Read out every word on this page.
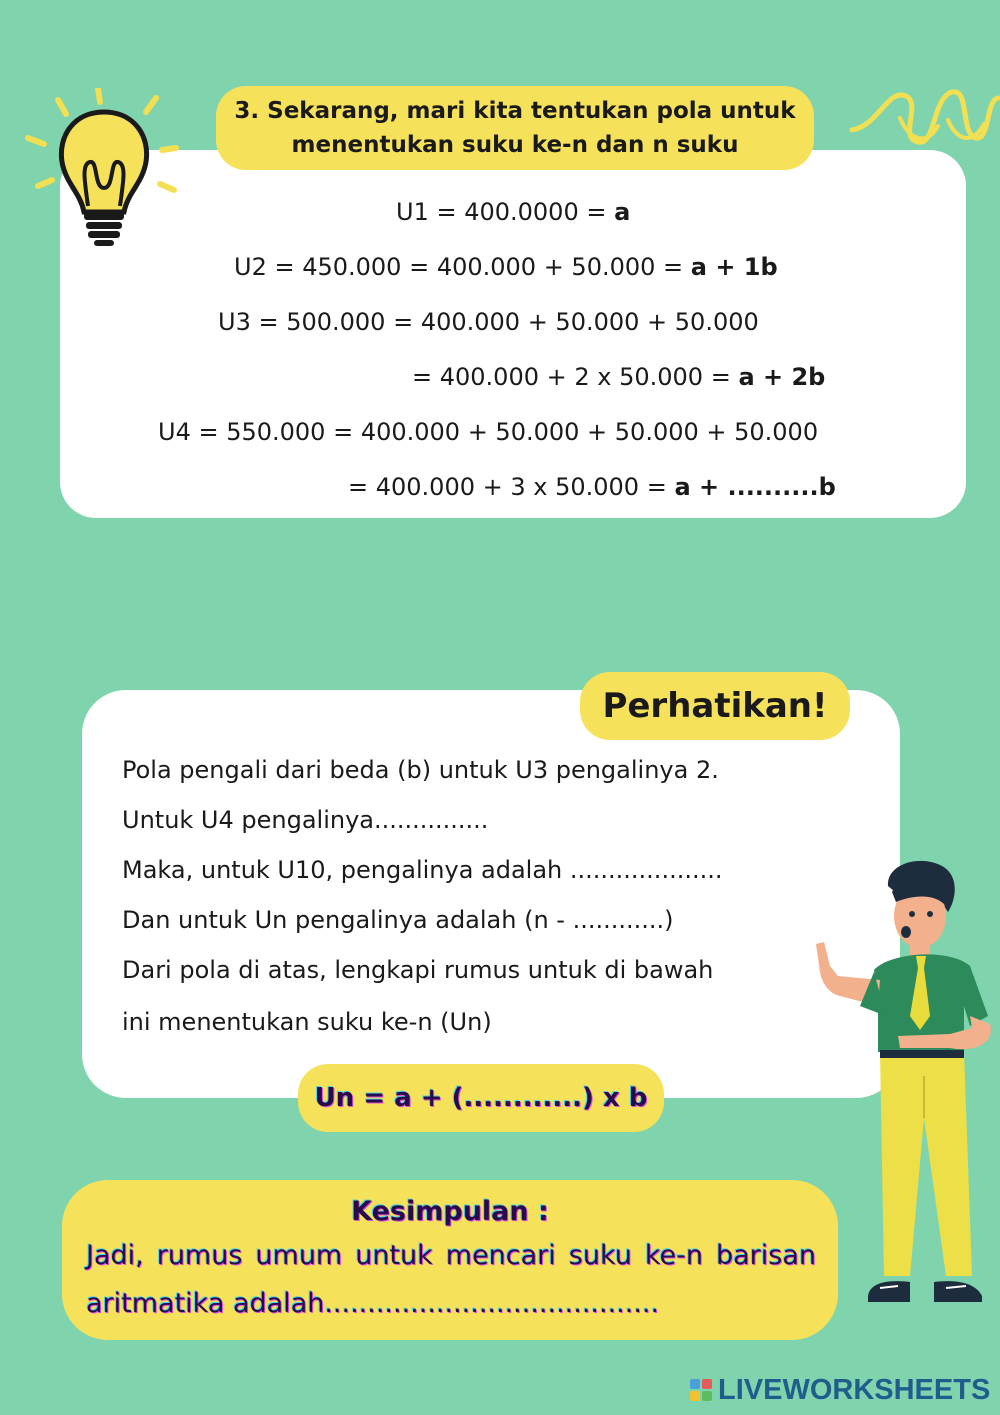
3. Sekarang, mari kita tentukan pola untuk
menentukan suku ke-n dan n suku
U1 = 400.0000 = a
U2 = 450.000 = 400.000 + 50.000 = a + 1b
U3 = 500.000 = 400.000 + 50.000 + 50.000
= 400.000 + 2 x 50.000 = a + 2b
U4 = 550.000 = 400.000 + 50.000 + 50.000 + 50.000
= 400.000 + 3 x 50.000 = a + ..........b
Perhatikan!
Pola pengali dari beda (b) untuk U3 pengalinya 2.
Untuk U4 pengalinya...............
Maka, untuk U10, pengalinya adalah ....................
Dan untuk Un pengalinya adalah (n - ............)
Dari pola di atas, lengkapi rumus untuk di bawah
ini menentukan suku ke-n (Un)
Un = a + (............) x b
Kesimpulan :
Jadi, rumus umum untuk mencari suku ke-n barisan aritmatika adalah.......................................
LIVEWORKSHEETS
